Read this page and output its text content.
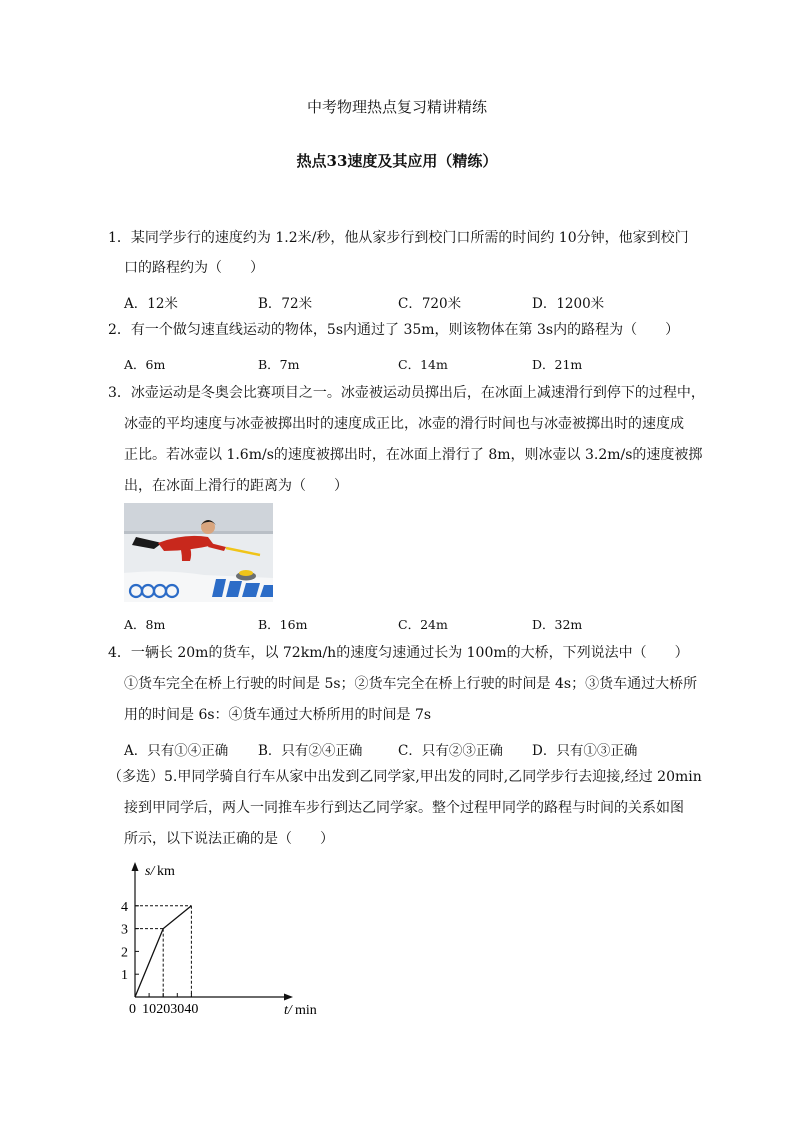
中考物理热点复习精讲精练
热点33速度及其应用（精练）
1．某同学步行的速度约为 1.2米/秒，他从家步行到校门口所需的时间约 10分钟，他家到校门
口的路程约为（　　）
A．12米	B．72米	C．720米	D．1200米
2．有一个做匀速直线运动的物体，5s内通过了 35m，则该物体在第 3s内的路程为（　　）
A．6m	B．7m	C．14m	D．21m
3．冰壶运动是冬奥会比赛项目之一。冰壶被运动员掷出后，在冰面上减速滑行到停下的过程中，
冰壶的平均速度与冰壶被掷出时的速度成正比，冰壶的滑行时间也与冰壶被掷出时的速度成
正比。若冰壶以 1.6m/s的速度被掷出时，在冰面上滑行了 8m，则冰壶以 3.2m/s的速度被掷
出，在冰面上滑行的距离为（　　）
A．8m	B．16m	C．24m	D．32m
4．一辆长 20m的货车，以 72km/h的速度匀速通过长为 100m的大桥，下列说法中（　　）
①货车完全在桥上行驶的时间是 5s；②货车完全在桥上行驶的时间是 4s；③货车通过大桥所
用的时间是 6s：④货车通过大桥所用的时间是 7s
A．只有①④正确 B．只有②④正确	C．只有②③正确 D．只有①③正确
（多选）5.甲同学骑自行车从家中出发到乙同学家,甲出发的同时,乙同学步行去迎接,经过 20min
接到甲同学后，两人一同推车步行到达乙同学家。整个过程甲同学的路程与时间的关系如图
所示，以下说法正确的是（　　）
s/ km
t/ min
0 10 20 30 40
1
2
3
4
